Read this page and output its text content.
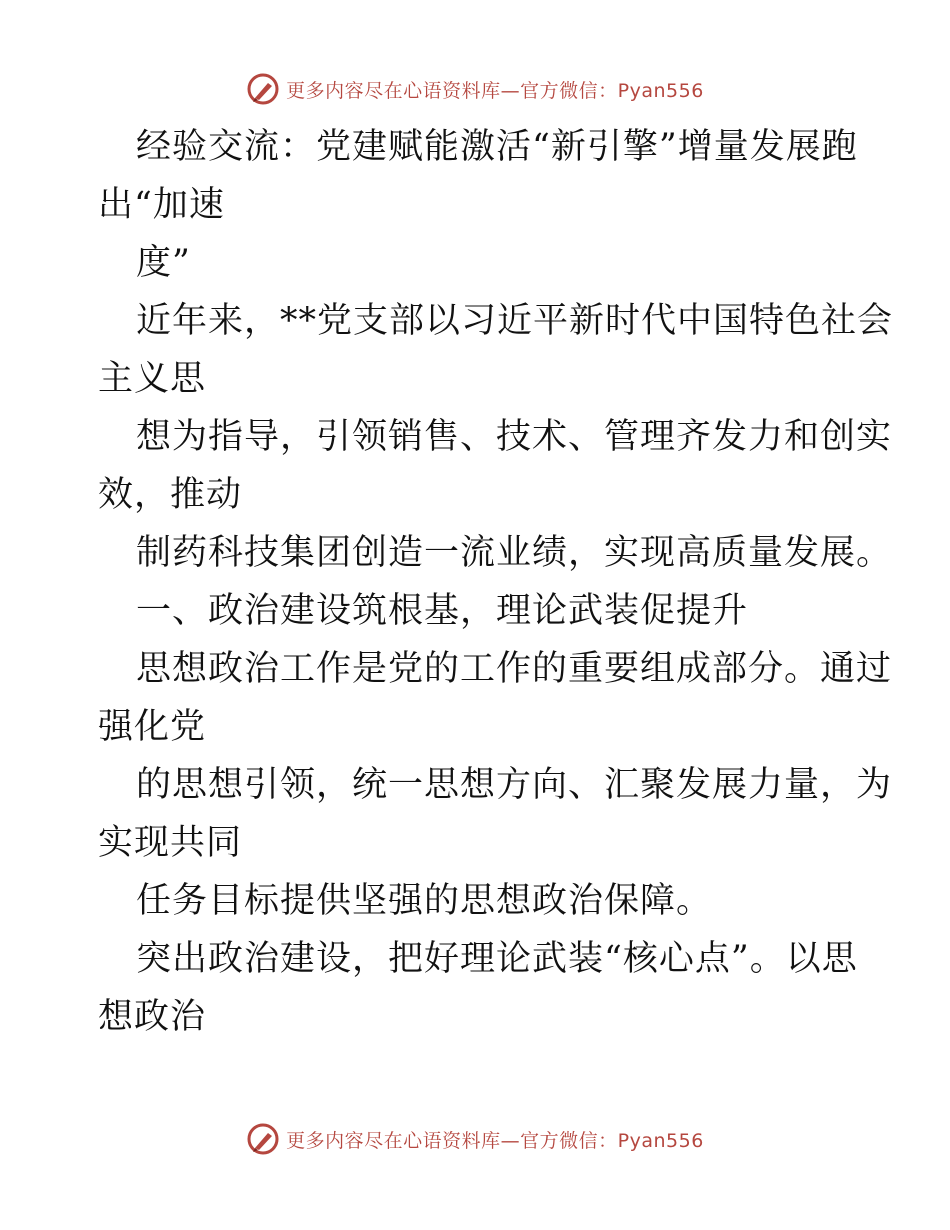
更多内容尽在心语资料库—官方微信：Pyan556
经验交流：党建赋能激活“新引擎”增量发展跑
出“加速
度”
近年来，**党支部以习近平新时代中国特色社会
主义思
想为指导，引领销售、技术、管理齐发力和创实
效，推动
制药科技集团创造一流业绩，实现高质量发展。
一、政治建设筑根基，理论武装促提升
思想政治工作是党的工作的重要组成部分。通过
强化党
的思想引领，统一思想方向、汇聚发展力量，为
实现共同
任务目标提供坚强的思想政治保障。
突出政治建设，把好理论武装“核心点”。以思
想政治
更多内容尽在心语资料库—官方微信：Pyan556
